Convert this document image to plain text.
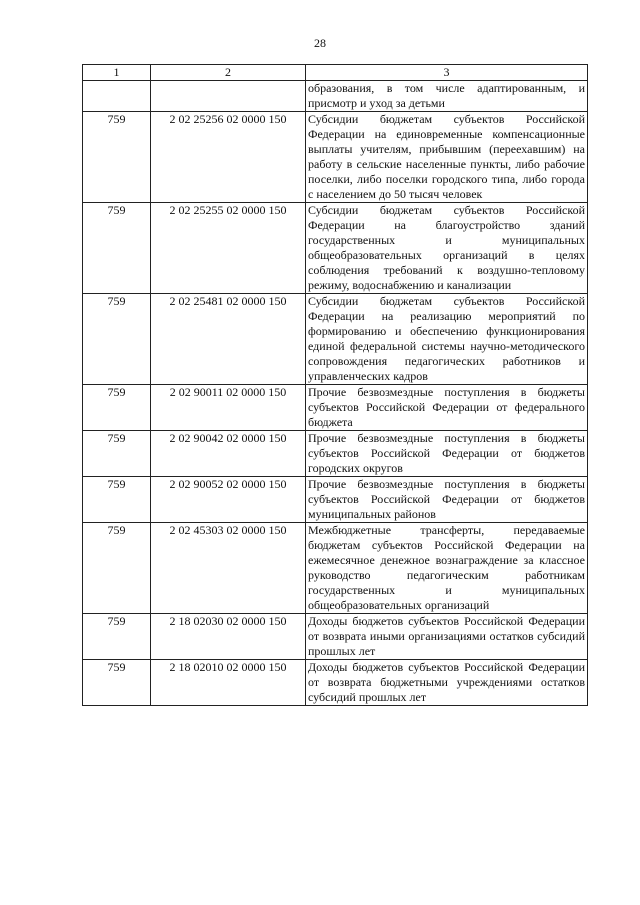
28
1	2	3
		образования, в том числе адаптированным, и присмотр и уход за детьми
759	2 02 25256 02 0000 150	Субсидии бюджетам субъектов Российской Федерации на единовременные компенсационные выплаты учителям, прибывшим (переехавшим) на работу в сельские населенные пункты, либо рабочие поселки, либо поселки городского типа, либо города с населением до 50 тысяч человек
759	2 02 25255 02 0000 150	Субсидии бюджетам субъектов Российской Федерации на благоустройство зданий государственных и муниципальных общеобразовательных организаций в целях соблюдения требований к воздушно-тепловому режиму, водоснабжению и канализации
759	2 02 25481 02 0000 150	Субсидии бюджетам субъектов Российской Федерации на реализацию мероприятий по формированию и обеспечению функционирования единой федеральной системы научно-методического сопровождения педагогических работников и управленческих кадров
759	2 02 90011 02 0000 150	Прочие безвозмездные поступления в бюджеты субъектов Российской Федерации от федерального бюджета
759	2 02 90042 02 0000 150	Прочие безвозмездные поступления в бюджеты субъектов Российской Федерации от бюджетов городских округов
759	2 02 90052 02 0000 150	Прочие безвозмездные поступления в бюджеты субъектов Российской Федерации от бюджетов муниципальных районов
759	2 02 45303 02 0000 150	Межбюджетные трансферты, передаваемые бюджетам субъектов Российской Федерации на ежемесячное денежное вознаграждение за классное руководство педагогическим работникам государственных и муниципальных общеобразовательных организаций
759	2 18 02030 02 0000 150	Доходы бюджетов субъектов Российской Федерации от возврата иными организациями остатков субсидий прошлых лет
759	2 18 02010 02 0000 150	Доходы бюджетов субъектов Российской Федерации от возврата бюджетными учреждениями остатков субсидий прошлых лет
